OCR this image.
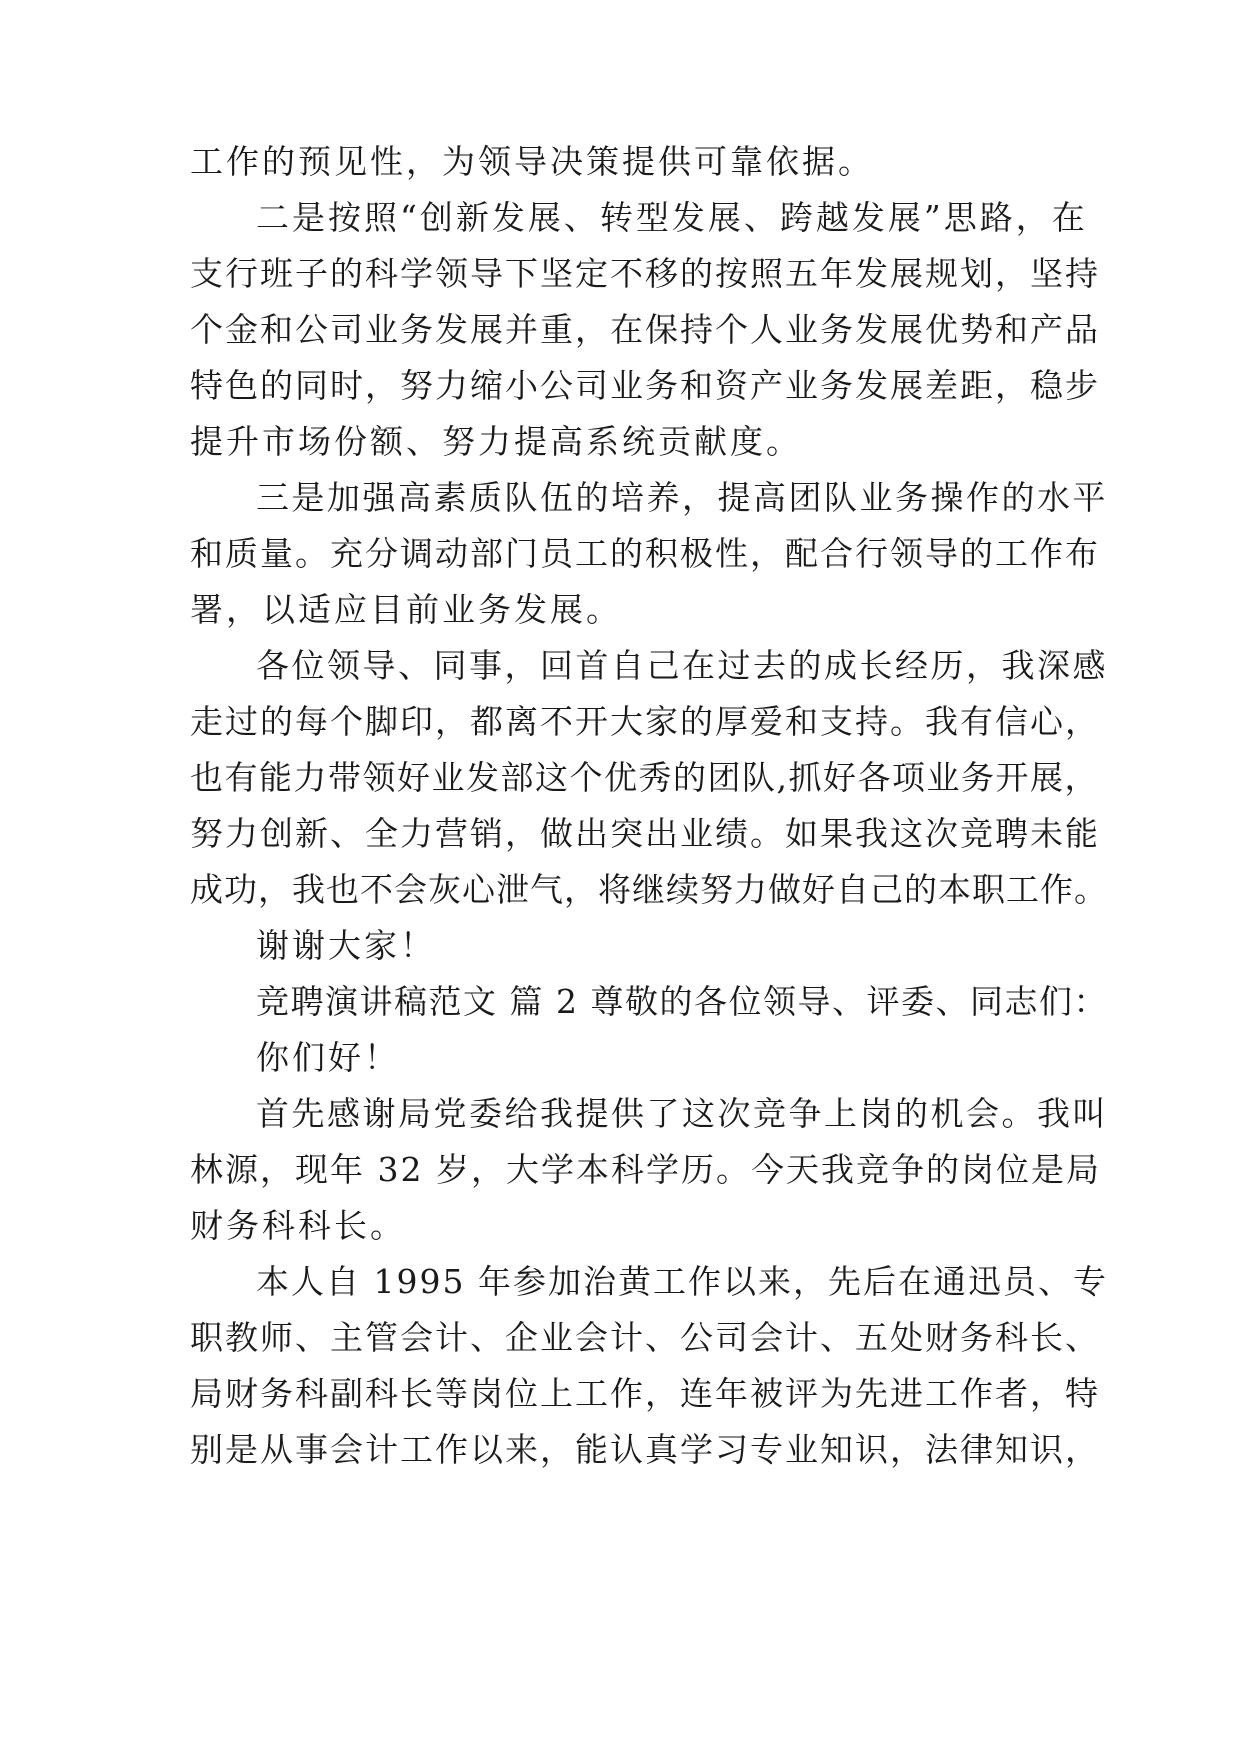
工作的预见性，为领导决策提供可靠依据。
二是按照“创新发展、转型发展、跨越发展”思路，在
支行班子的科学领导下坚定不移的按照五年发展规划，坚持
个金和公司业务发展并重，在保持个人业务发展优势和产品
特色的同时，努力缩小公司业务和资产业务发展差距，稳步
提升市场份额、努力提高系统贡献度。
三是加强高素质队伍的培养，提高团队业务操作的水平
和质量。充分调动部门员工的积极性，配合行领导的工作布
署，以适应目前业务发展。
各位领导、同事，回首自己在过去的成长经历，我深感
走过的每个脚印，都离不开大家的厚爱和支持。我有信心，
也有能力带领好业发部这个优秀的团队,抓好各项业务开展，
努力创新、全力营销，做出突出业绩。如果我这次竞聘未能
成功，我也不会灰心泄气，将继续努力做好自己的本职工作。
谢谢大家！
竞聘演讲稿范文 篇 2 尊敬的各位领导、评委、同志们：
你们好！
首先感谢局党委给我提供了这次竞争上岗的机会。我叫
林源，现年 32 岁，大学本科学历。今天我竞争的岗位是局
财务科科长。
本人自 1995 年参加治黄工作以来，先后在通迅员、专
职教师、主管会计、企业会计、公司会计、五处财务科长、
局财务科副科长等岗位上工作，连年被评为先进工作者，特
别是从事会计工作以来，能认真学习专业知识，法律知识，
